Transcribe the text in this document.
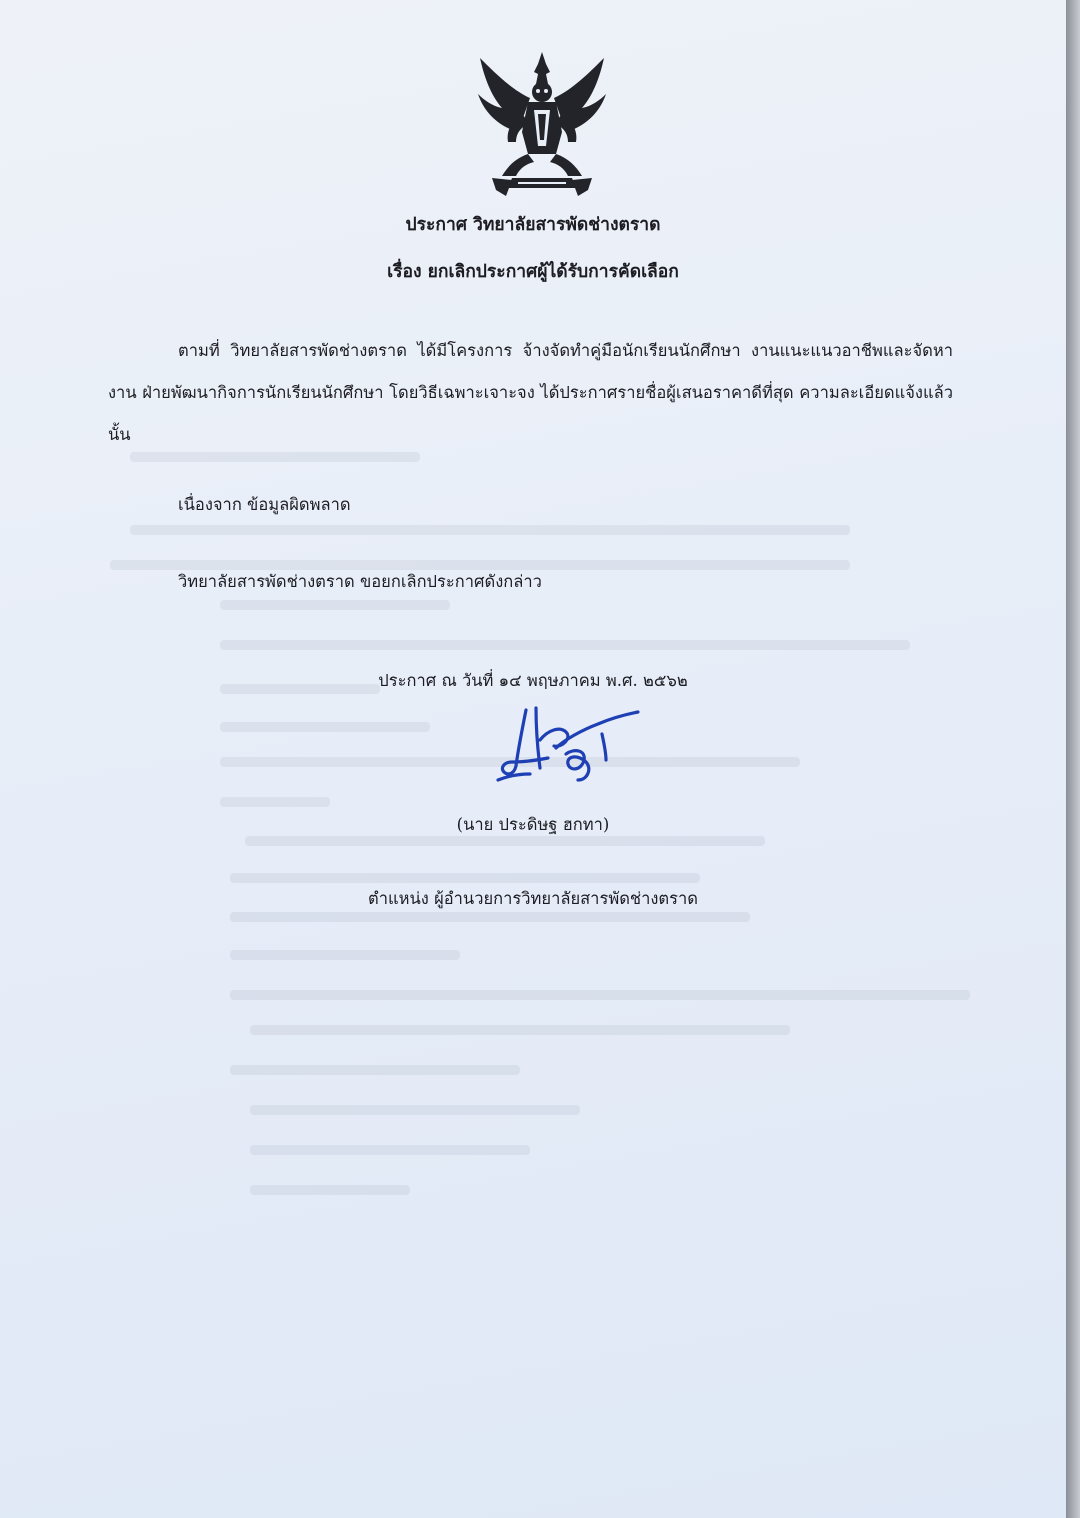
ประกาศ วิทยาลัยสารพัดช่างตราด
เรื่อง ยกเลิกประกาศผู้ได้รับการคัดเลือก
ตามที่ วิทยาลัยสารพัดช่างตราด ได้มีโครงการ จ้างจัดทำคู่มือนักเรียนนักศึกษา งานแนะแนวอาชีพและจัดหางาน ฝ่ายพัฒนากิจการนักเรียนนักศึกษา โดยวิธีเฉพาะเจาะจง ได้ประกาศรายชื่อผู้เสนอราคาดีที่สุด ความละเอียดแจ้งแล้ว นั้น
เนื่องจาก ข้อมูลผิดพลาด
วิทยาลัยสารพัดช่างตราด ขอยกเลิกประกาศดังกล่าว
ประกาศ ณ วันที่ ๑๔ พฤษภาคม พ.ศ. ๒๕๖๒
(นาย ประดิษฐ ฮกทา)
ตำแหน่ง ผู้อำนวยการวิทยาลัยสารพัดช่างตราด
